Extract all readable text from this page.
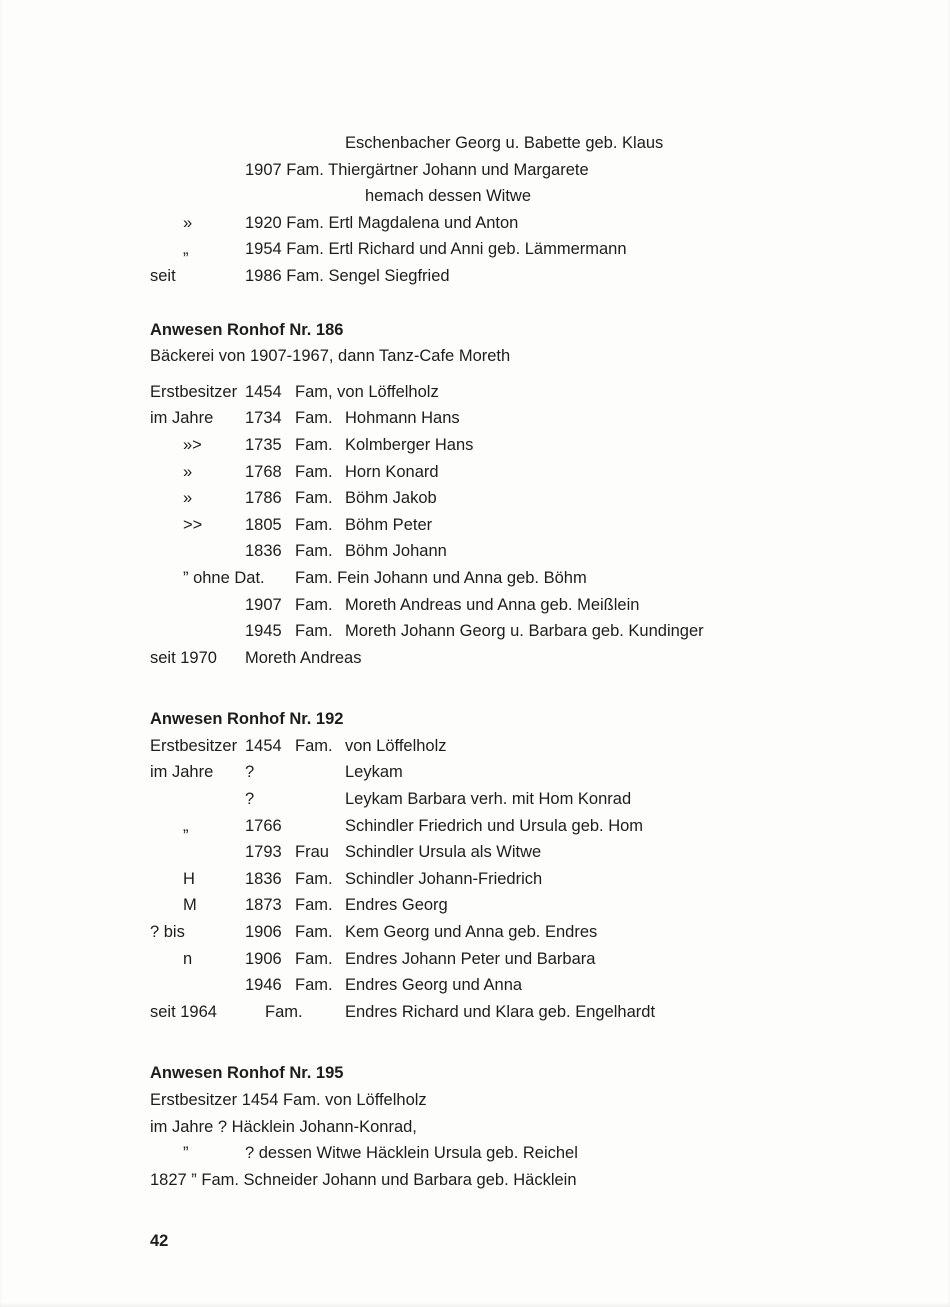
Eschenbacher Georg u. Babette geb. Klaus
1907 Fam. Thiergärtner Johann und Margarete
hemach dessen Witwe
»	1920 Fam. Ertl Magdalena und Anton
„	1954 Fam. Ertl Richard und Anni geb. Lämmermann
seit	1986 Fam. Sengel Siegfried
Anwesen Ronhof Nr. 186

Bäckerei von 1907-1967, dann Tanz-Cafe Moreth

Erstbesitzer 1454 Fam, von Löffelholz
im Jahre 1734 Fam. Hohmann Hans
»>	1735 Fam. Kolmberger Hans
»	1768 Fam. Horn Konard
»	1786 Fam. Böhm Jakob
>>	1805 Fam. Böhm Peter
1836 Fam. Böhm Johann
” ohne Dat. Fam. Fein Johann und Anna geb. Böhm
1907 Fam. Moreth Andreas und Anna geb. Meißlein
1945 Fam. Moreth Johann Georg u. Barbara geb. Kundinger
seit 1970 Moreth Andreas
Anwesen Ronhof Nr. 192
Erstbesitzer 1454 Fam. von Löffelholz
im Jahre ?	Leykam
?	Leykam Barbara verh. mit Hom Konrad
„	1766	Schindler Friedrich und Ursula geb. Hom
1793 Frau Schindler Ursula als Witwe
H	1836 Fam. Schindler Johann-Friedrich
M	1873 Fam. Endres Georg
? bis	1906 Fam. Kem Georg und Anna geb. Endres
n	1906 Fam. Endres Johann Peter und Barbara
1946 Fam. Endres Georg und Anna
seit 1964	Fam.	Endres Richard und Klara geb. Engelhardt
Anwesen Ronhof Nr. 195
Erstbesitzer 1454 Fam. von Löffelholz
im Jahre ? Häcklein Johann-Konrad,
”	? dessen Witwe Häcklein Ursula geb. Reichel
1827 ” Fam. Schneider Johann und Barbara geb. Häcklein
42
